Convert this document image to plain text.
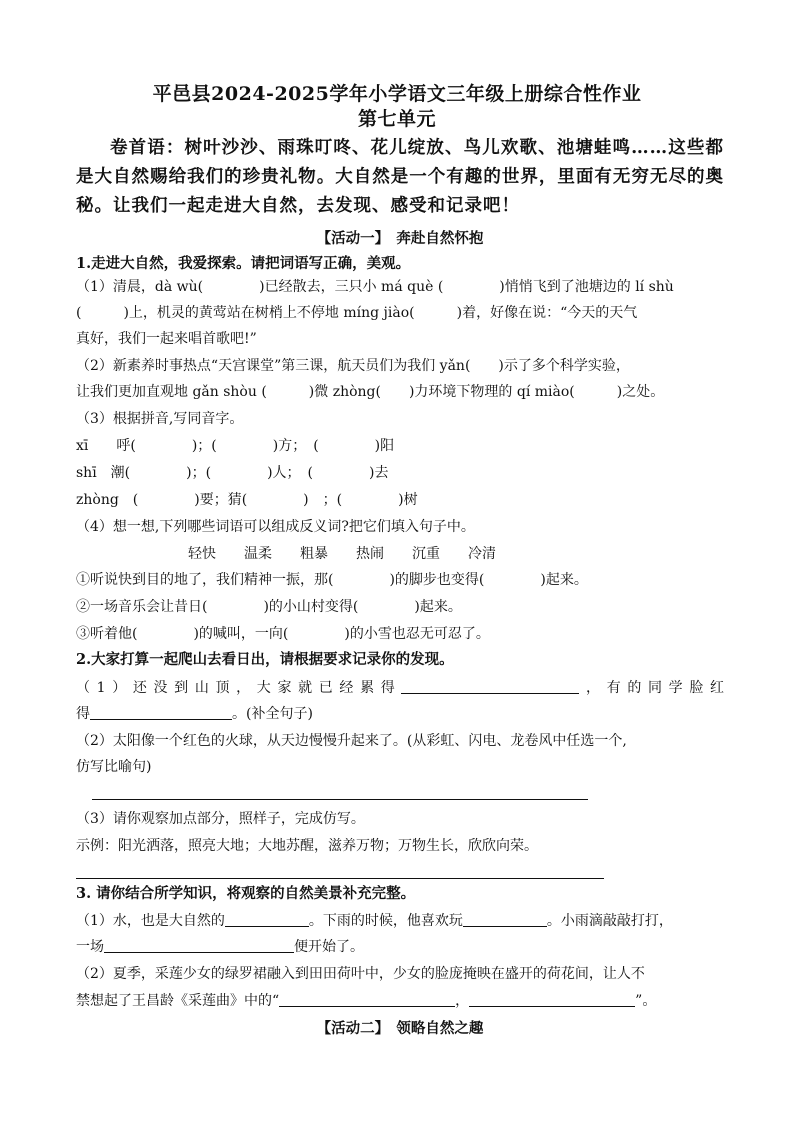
平邑县2024-2025学年小学语文三年级上册综合性作业
第七单元
卷首语：树叶沙沙、雨珠叮咚、花儿绽放、鸟儿欢歌、池塘蛙鸣……这些都是大自然赐给我们的珍贵礼物。大自然是一个有趣的世界，里面有无穷无尽的奥秘。让我们一起走进大自然，去发现、感受和记录吧！
【活动一】　奔赴自然怀抱
1.走进大自然，我爱探索。请把词语写正确，美观。
（1）清晨，dà wù(　　　　)已经散去，三只小 má què (　　　　)悄悄飞到了池塘边的 lí shù
(　　　)上，机灵的黄莺站在树梢上不停地 míng jiào(　　　)着，好像在说：“今天的天气
真好，我们一起来唱首歌吧!”
（2）新素养时事热点“天宫课堂”第三课，航天员们为我们 yǎn(　　)示了多个科学实验，
让我们更加直观地 gǎn shòu (　　　)微 zhòng(　　)力环境下物理的 qí miào(　　　)之处。
（3）根据拼音,写同音字。
xī　　呼(　　　　)；(　　　　)方；　(　　　　)阳
shī　潮(　　　　)；(　　　　)人；　(　　　　)去
zhòng　(　　　　)要；猜(　　　　)　；(　　　　)树
（4）想一想,下列哪些词语可以组成反义词?把它们填入句子中。
轻快 温柔 粗暴 热闹 沉重 冷清
①听说快到目的地了，我们精神一振，那(　　　　)的脚步也变得(　　　　)起来。
②一场音乐会让昔日(　　　　)的小山村变得(　　　　)起来。
③听着他(　　　　)的喊叫，一向(　　　　)的小雪也忍无可忍了。
2.大家打算一起爬山去看日出，请根据要求记录你的发现。
（1）还没到山顶，大家就已经累得	，有的同学脸红
得	。(补全句子)
（2）太阳像一个红色的火球，从天边慢慢升起来了。(从彩虹、闪电、龙卷风中任选一个,
仿写比喻句)
（3）请你观察加点部分，照样子，完成仿写。
示例：阳光洒落，照亮大地；大地苏醒，滋养万物；万物生长，欣欣向荣。
3. 请你结合所学知识，将观察的自然美景补充完整。
（1）水，也是大自然的	。下雨的时候，他喜欢玩	。小雨滴敲敲打打，
一场	便开始了。
（2）夏季，采莲少女的绿罗裙融入到田田荷叶中，少女的脸庞掩映在盛开的荷花间，让人不
禁想起了王昌龄《采莲曲》中的“	，	”。
【活动二】　领略自然之趣
